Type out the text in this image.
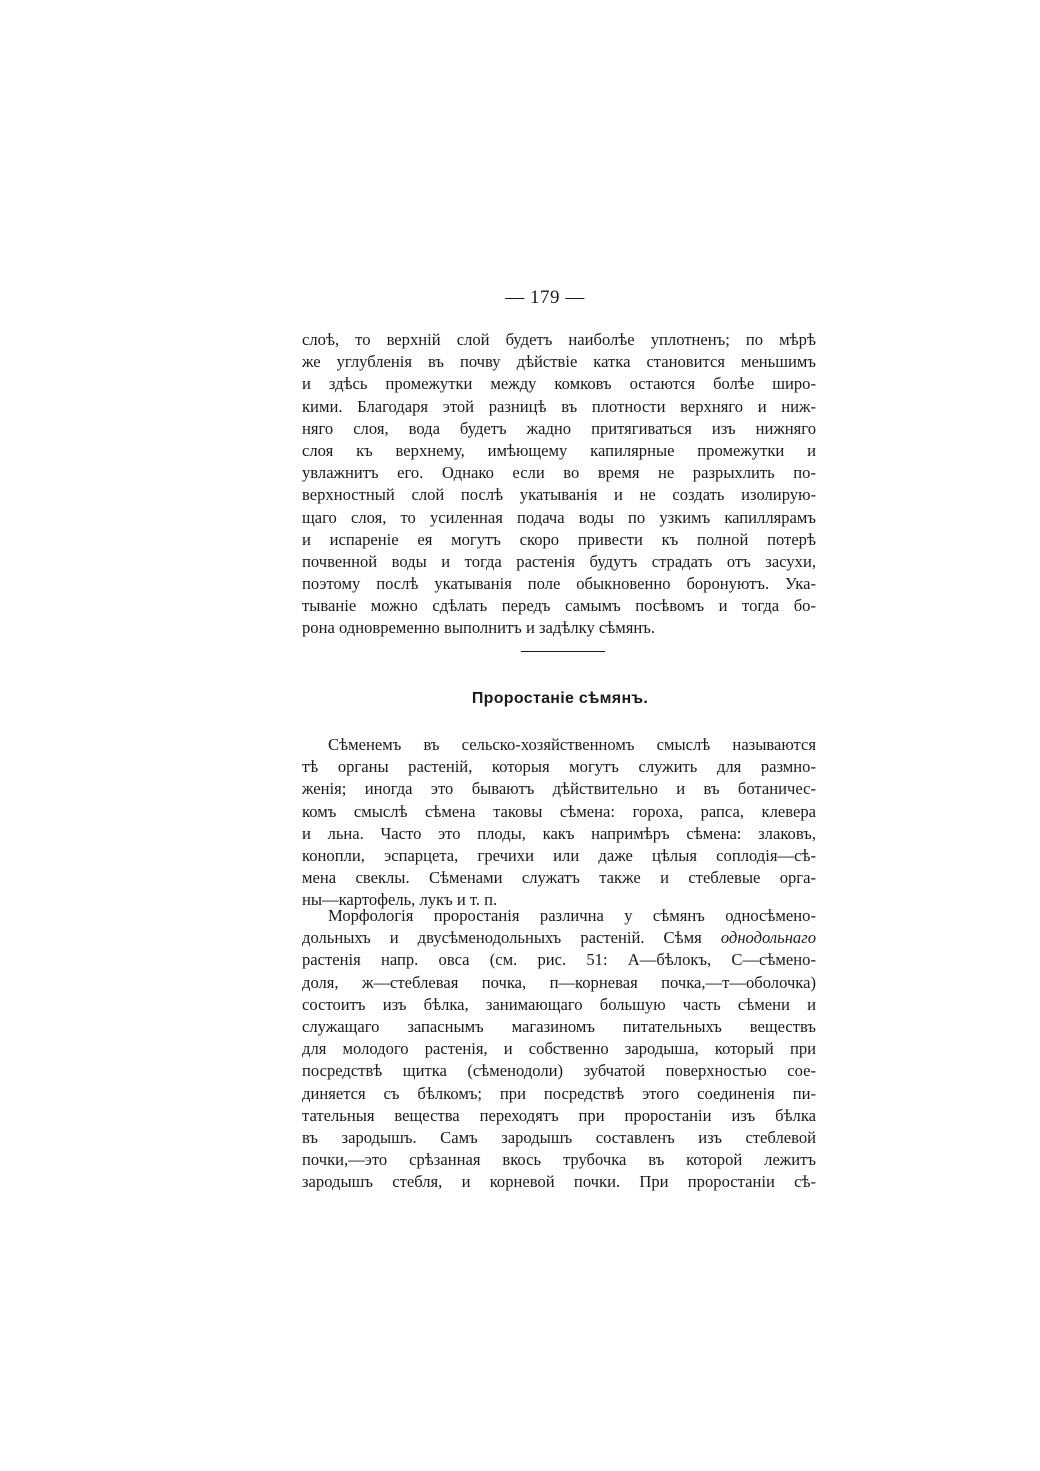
— 179 —
слоѣ, то верхній слой будетъ наиболѣе уплотненъ; по мѣрѣ
же углубленія въ почву дѣйствіе катка становится меньшимъ
и здѣсь промежутки между комковъ остаются болѣе широ-
кими. Благодаря этой разницѣ въ плотности верхняго и ниж-
няго слоя, вода будетъ жадно притягиваться изъ нижняго
слоя къ верхнему, имѣющему капилярные промежутки и
увлажнитъ его. Однако если во время не разрыхлить по-
верхностный слой послѣ укатыванія и не создать изолирую-
щаго слоя, то усиленная подача воды по узкимъ капиллярамъ
и испареніе ея могутъ скоро привести къ полной потерѣ
почвенной воды и тогда растенія будутъ страдать отъ засухи,
поэтому послѣ укатыванія поле обыкновенно боронуютъ. Ука-
тываніе можно сдѣлать передъ самымъ посѣвомъ и тогда бо-
рона одновременно выполнитъ и задѣлку сѣмянъ.
Проростаніе сѣмянъ.
Сѣменемъ въ сельско-хозяйственномъ смыслѣ называются
тѣ органы растеній, которыя могутъ служить для размно-
женія; иногда это бываютъ дѣйствительно и въ ботаничес-
комъ смыслѣ сѣмена таковы сѣмена: гороха, рапса, клевера
и льна. Часто это плоды, какъ напримѣръ сѣмена: злаковъ,
конопли, эспарцета, гречихи или даже цѣлыя соплодія—сѣ-
мена свеклы. Сѣменами служатъ также и стеблевые орга-
ны—картофель, лукъ и т. п.
Морфологія проростанія различна у сѣмянъ односѣмено-
дольныхъ и двусѣменодольныхъ растеній. Сѣмя однодольнаго
растенія напр. овса (см. рис. 51: А—бѣлокъ, С—сѣмено-
доля, ж—стеблевая почка, п—корневая почка,—т—оболочка)
состоитъ изъ бѣлка, занимающаго большую часть сѣмени и
служащаго запаснымъ магазиномъ питательныхъ веществъ
для молодого растенія, и собственно зародыша, который при
посредствѣ щитка (сѣменодоли) зубчатой поверхностью сое-
диняется съ бѣлкомъ; при посредствѣ этого соединенія пи-
тательныя вещества переходятъ при проростаніи изъ бѣлка
въ зародышъ. Самъ зародышъ составленъ изъ стеблевой
почки,—это срѣзанная вкось трубочка въ которой лежитъ
зародышъ стебля, и корневой почки. При проростаніи сѣ-
